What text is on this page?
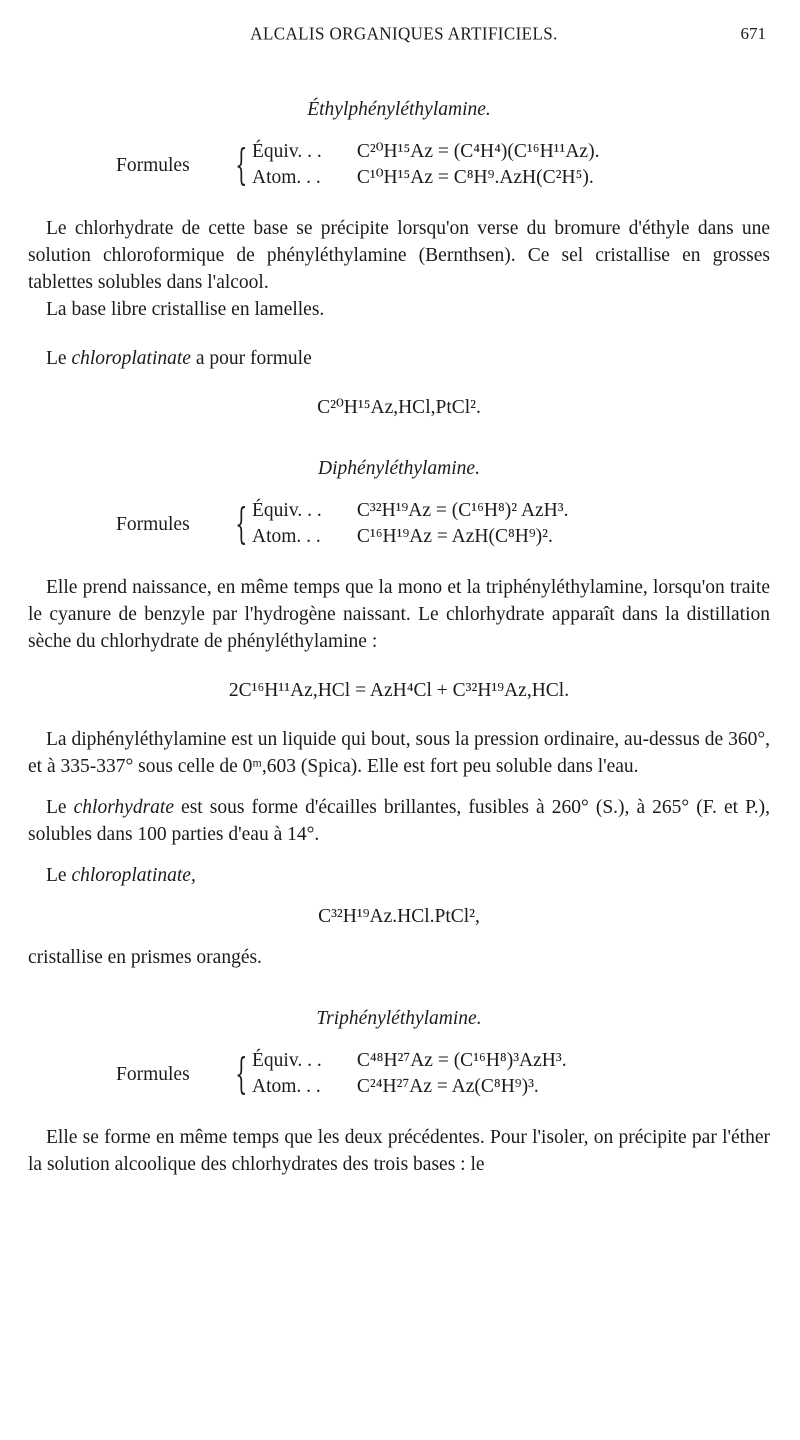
ALCALIS ORGANIQUES ARTIFICIELS.	671

Éthylphényléthylamine.

Formules	{ Équiv. . . C²⁰H¹⁵Az = (C⁴H⁴)(C¹⁶H¹¹Az).
Atom. . . C¹⁰H¹⁵Az = C⁸H⁹.AzH(C²H⁵).

Le chlorhydrate de cette base se précipite lorsqu'on verse du bromure d'éthyle dans une solution chloroformique de phényléthylamine (Bernthsen). Ce sel cristallise en grosses tablettes solubles dans l'alcool.

La base libre cristallise en lamelles.

Le chloroplatinate a pour formule

C²⁰H¹⁵Az,HCl,PtCl².

Diphényléthylamine.

Formules	{ Équiv. . . C³²H¹⁹Az = (C¹⁶H⁸)² AzH³.
Atom. . . C¹⁶H¹⁹Az = AzH(C⁸H⁹)².

Elle prend naissance, en même temps que la mono et la triphényléthylamine, lorsqu'on traite le cyanure de benzyle par l'hydrogène naissant. Le chlorhydrate apparaît dans la distillation sèche du chlorhydrate de phényléthylamine :

2C¹⁶H¹¹Az,HCl = AzH⁴Cl + C³²H¹⁹Az,HCl.

La diphényléthylamine est un liquide qui bout, sous la pression ordinaire, au-dessus de 360°, et à 335-337° sous celle de 0ᵐ,603 (Spica). Elle est fort peu soluble dans l'eau.

Le chlorhydrate est sous forme d'écailles brillantes, fusibles à 260° (S.), à 265° (F. et P.), solubles dans 100 parties d'eau à 14°.

Le chloroplatinate,

C³²H¹⁹Az.HCl.PtCl²,

cristallise en prismes orangés.

Triphényléthylamine.

Formules	{ Équiv. . . C⁴⁸H²⁷Az = (C¹⁶H⁸)³AzH³.
Atom. . . C²⁴H²⁷Az = Az(C⁸H⁹)³.

Elle se forme en même temps que les deux précédentes. Pour l'isoler, on précipite par l'éther la solution alcoolique des chlorhydrates des trois bases : le
